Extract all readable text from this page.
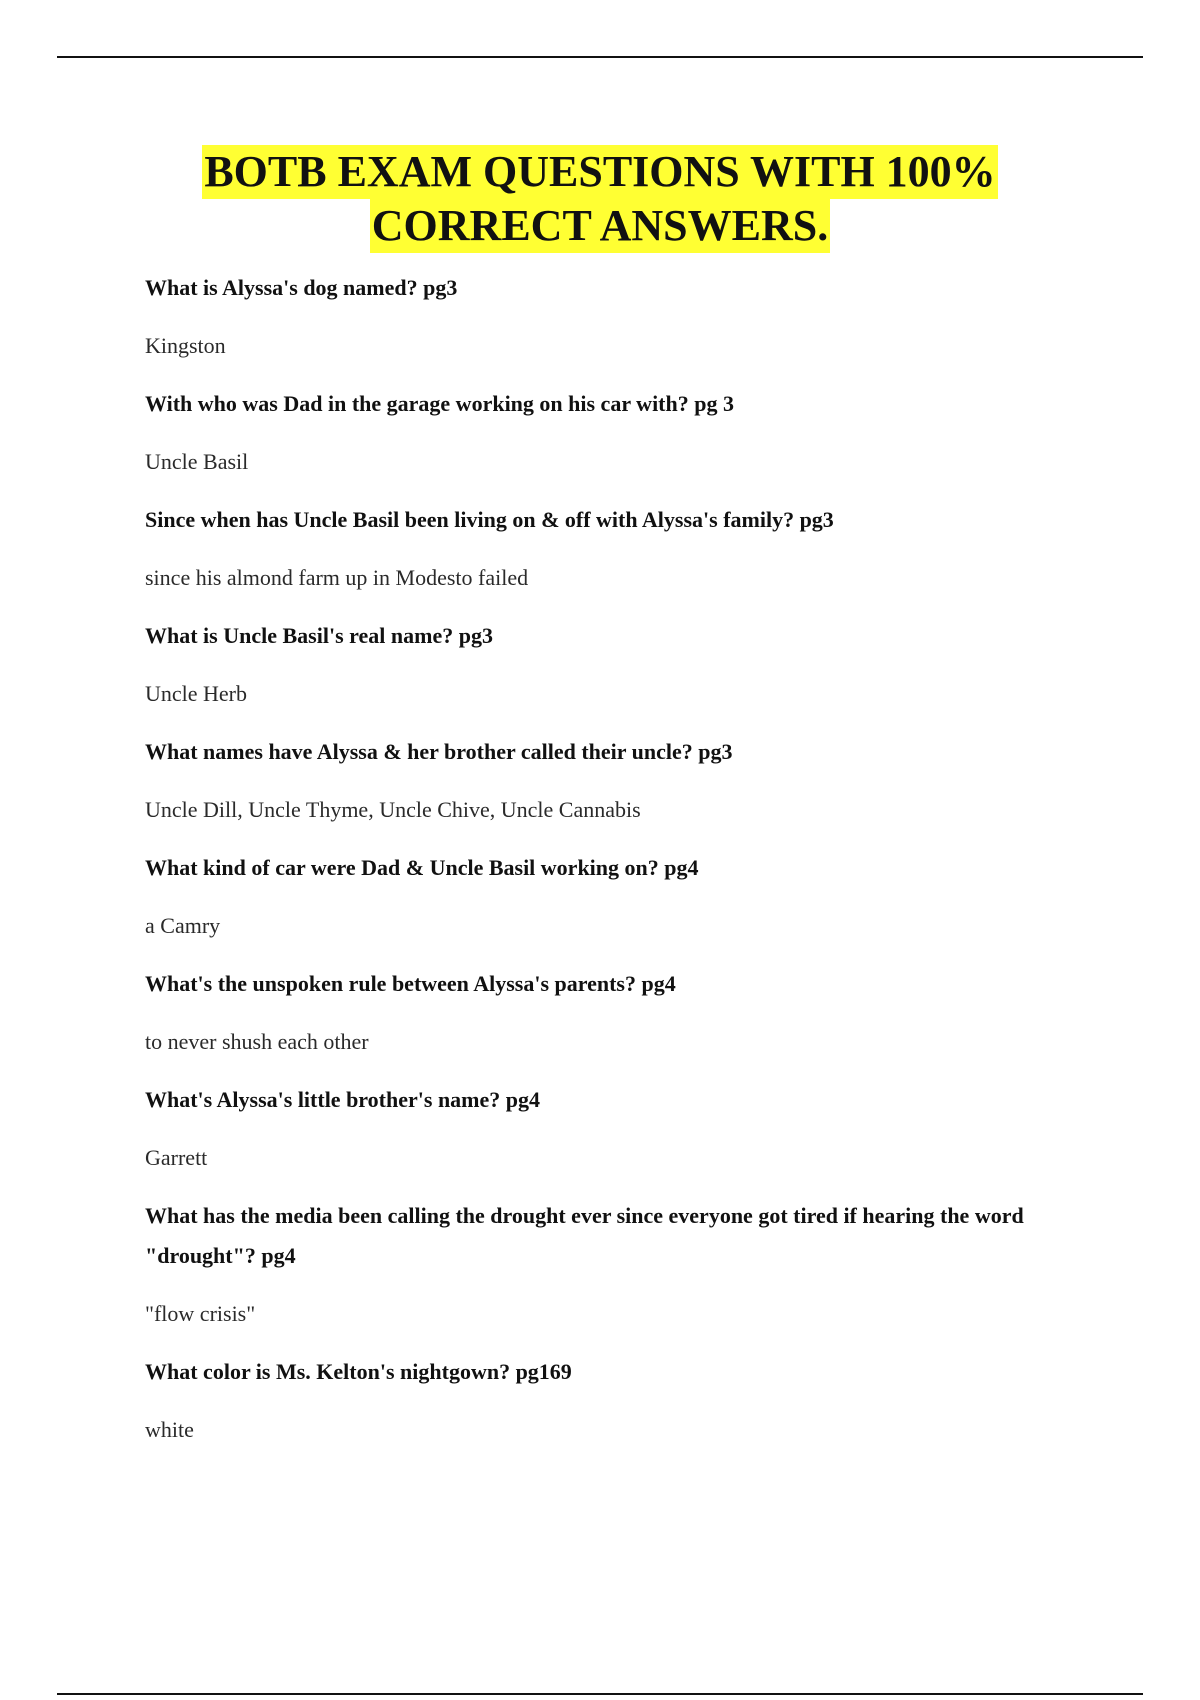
BOTB EXAM QUESTIONS WITH 100%
CORRECT ANSWERS.

What is Alyssa's dog named? pg3

Kingston

With who was Dad in the garage working on his car with? pg 3

Uncle Basil

Since when has Uncle Basil been living on & off with Alyssa's family? pg3

since his almond farm up in Modesto failed

What is Uncle Basil's real name? pg3

Uncle Herb

What names have Alyssa & her brother called their uncle? pg3

Uncle Dill, Uncle Thyme, Uncle Chive, Uncle Cannabis

What kind of car were Dad & Uncle Basil working on? pg4

a Camry

What's the unspoken rule between Alyssa's parents? pg4

to never shush each other

What's Alyssa's little brother's name? pg4

Garrett

What has the media been calling the drought ever since everyone got tired if hearing the word "drought"? pg4

"flow crisis"

What color is Ms. Kelton's nightgown? pg169

white
